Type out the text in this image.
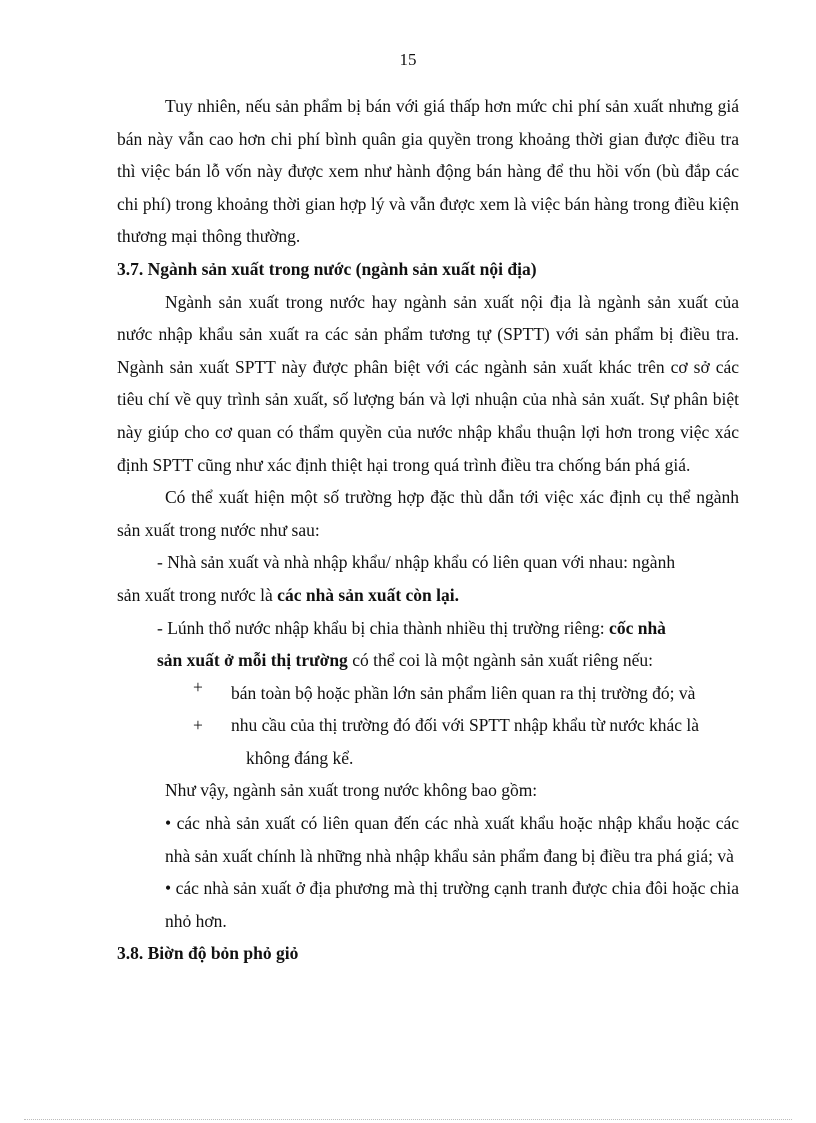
15

Tuy nhiên, nếu sản phẩm bị bán với giá thấp hơn mức chi phí sản xuất nhưng giá bán này vẫn cao hơn chi phí bình quân gia quyền trong khoảng thời gian được điều tra thì việc bán lỗ vốn này được xem như hành động bán hàng để thu hồi vốn (bù đắp các chi phí) trong khoảng thời gian hợp lý và vẫn được xem là việc bán hàng trong điều kiện thương mại thông thường.

3.7. Ngành sản xuất trong nước (ngành sản xuất nội địa)

Ngành sản xuất trong nước hay ngành sản xuất nội địa là ngành sản xuất của nước nhập khẩu sản xuất ra các sản phẩm tương tự (SPTT) với sản phẩm bị điều tra. Ngành sản xuất SPTT này được phân biệt với các ngành sản xuất khác trên cơ sở các tiêu chí về quy trình sản xuất, số lượng bán và lợi nhuận của nhà sản xuất. Sự phân biệt này giúp cho cơ quan có thẩm quyền của nước nhập khẩu thuận lợi hơn trong việc xác định SPTT cũng như xác định thiệt hại trong quá trình điều tra chống bán phá giá.

Có thể xuất hiện một số trường hợp đặc thù dẫn tới việc xác định cụ thể ngành sản xuất trong nước như sau:

- Nhà sản xuất và nhà nhập khẩu/ nhập khẩu có liên quan với nhau: ngành

sản xuất trong nước là các nhà sản xuất còn lại.

- Lúnh thổ nước nhập khẩu bị chia thành nhiều thị trường riêng: cốc nhà

sản xuất ở mỗi thị trường có thể coi là một ngành sản xuất riêng nếu:

+	bán toàn bộ hoặc phần lớn sản phẩm liên quan ra thị trường đó; và
+	nhu cầu của thị trường đó đối với SPTT nhập khẩu từ nước khác là
không đáng kể.

Như vậy, ngành sản xuất trong nước không bao gồm:

• các nhà sản xuất có liên quan đến các nhà xuất khẩu hoặc nhập khẩu hoặc các nhà sản xuất chính là những nhà nhập khẩu sản phẩm đang bị điều tra phá giá; và

• các nhà sản xuất ở địa phương mà thị trường cạnh tranh được chia đôi hoặc chia nhỏ hơn.

3.8. Biờn độ bỏn phỏ giỏ
